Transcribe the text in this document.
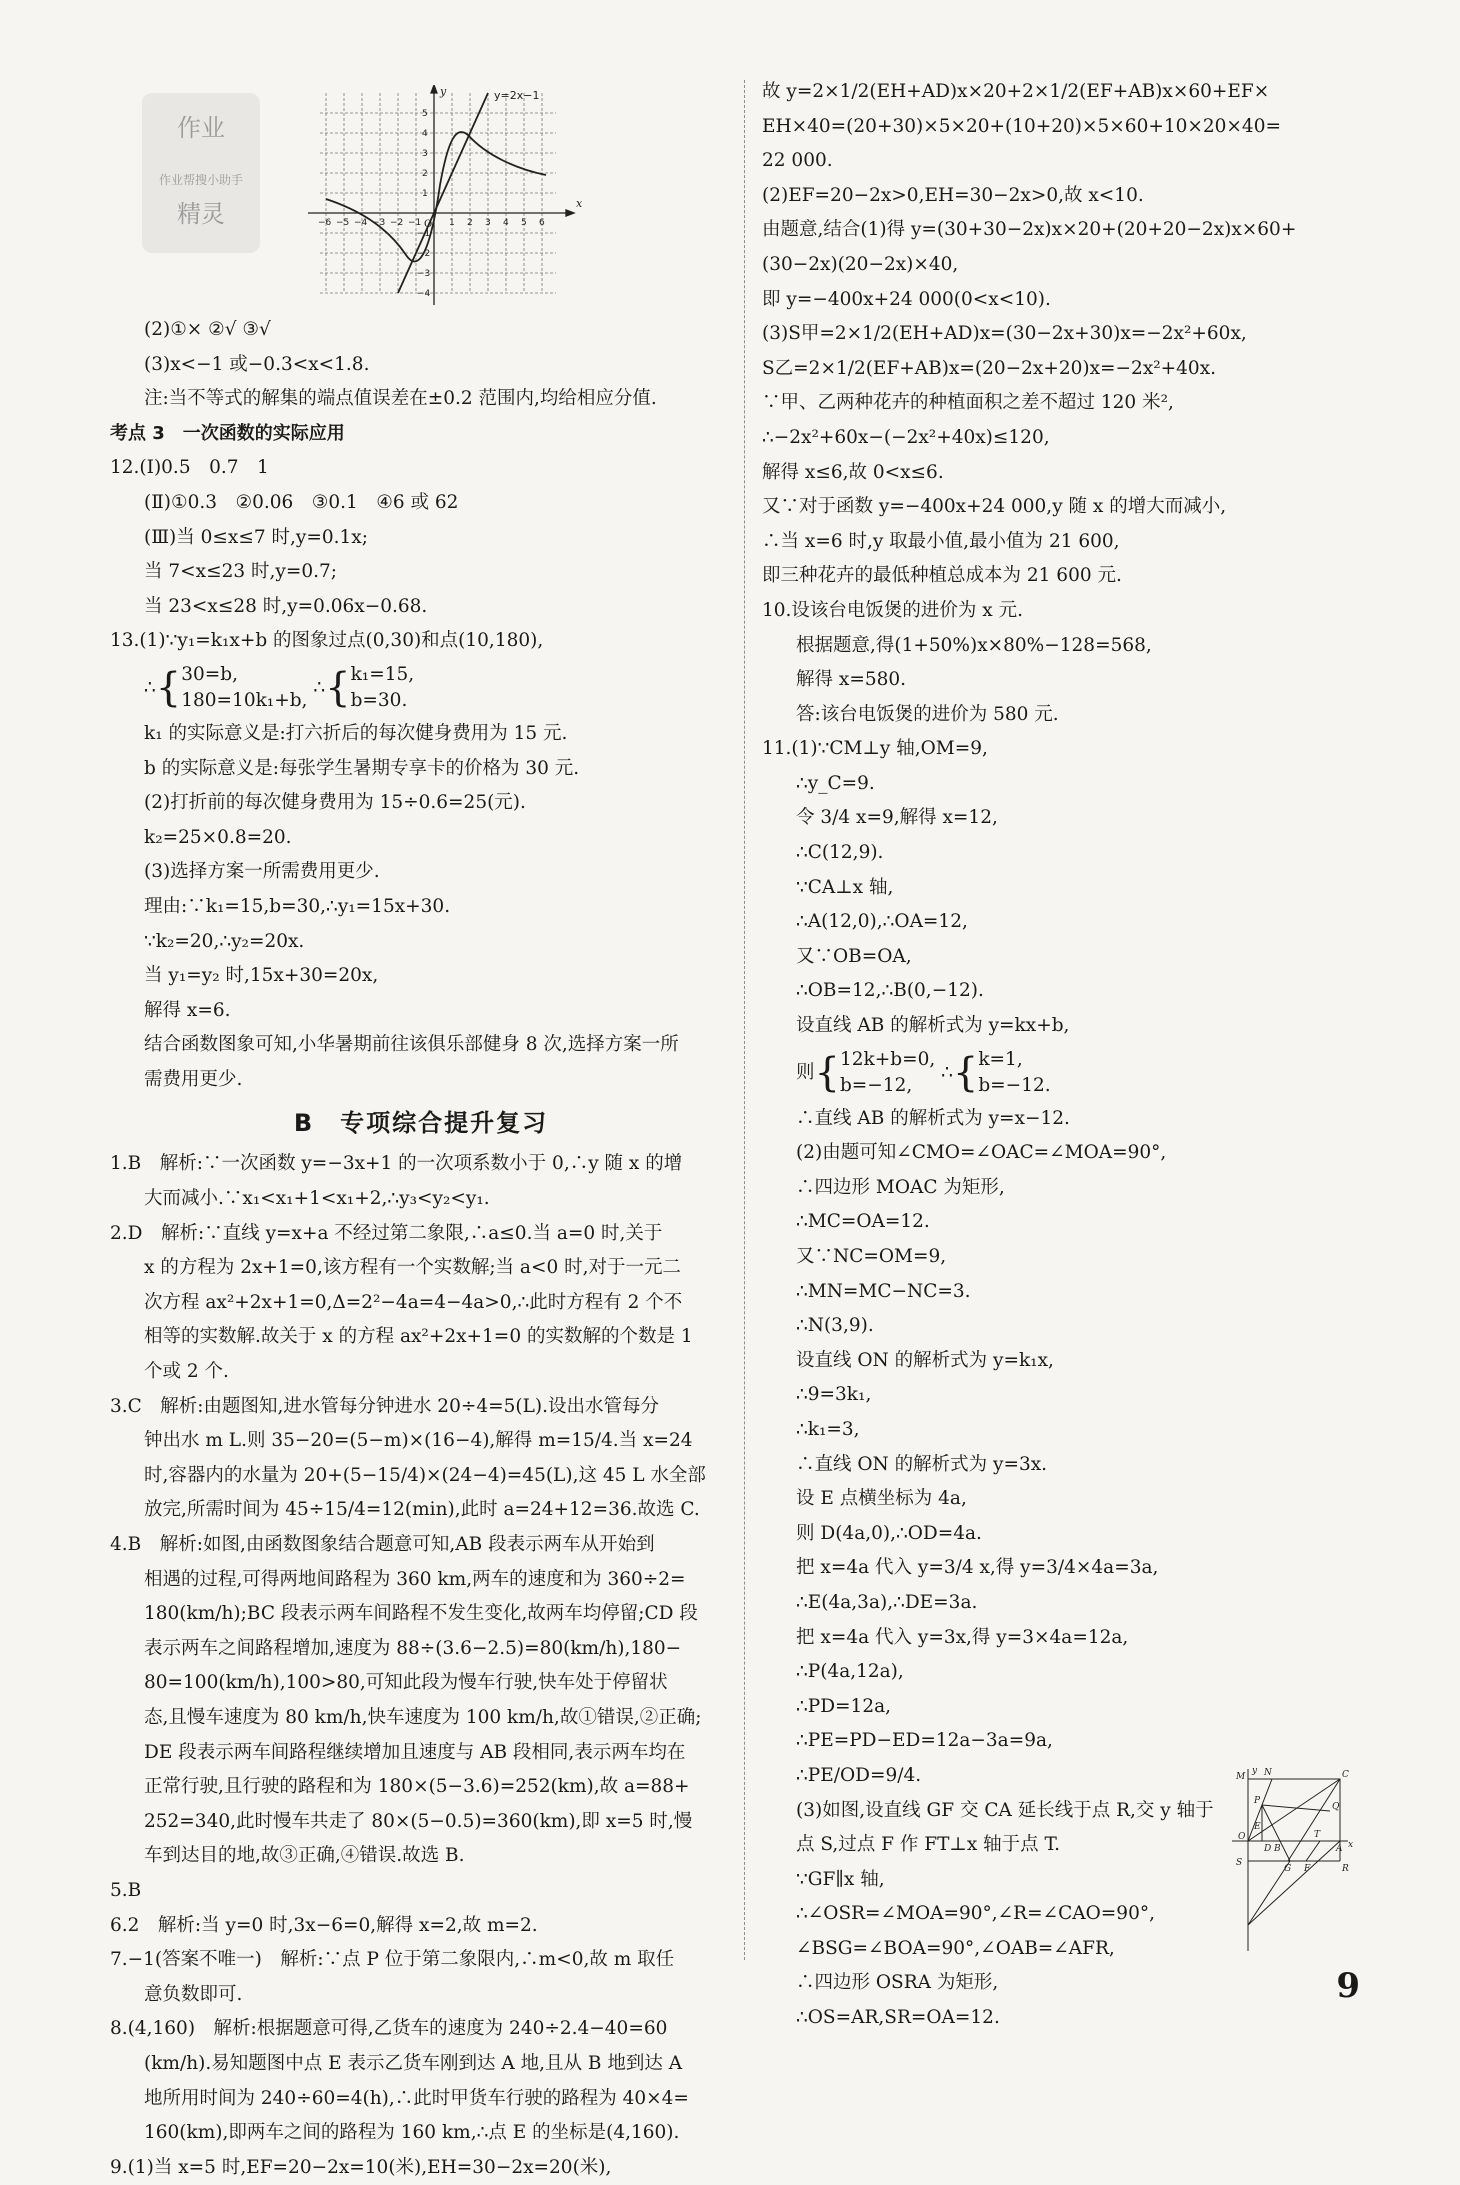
作业
作业帮搜小助手
精灵
y=2x−1
x
y
O
−6 −5 −4 −3 −2 −1	1 2 3 4 5 6
5
4
3
2
1
−1
−2
−3
−4
(2)①× ②√ ③√
(3)x<−1 或−0.3<x<1.8.
注:当不等式的解集的端点值误差在±0.2 范围内,均给相应分值.
考点 3　一次函数的实际应用
12.(Ⅰ)0.5　0.7　1
(Ⅱ)①0.3　②0.06　③0.1　④6 或 62
(Ⅲ)当 0≤x≤7 时,y=0.1x;
当 7<x≤23 时,y=0.7;
当 23<x≤28 时,y=0.06x−0.68.
13.(1)∵y₁=k₁x+b 的图象过点(0,30)和点(10,180),
∴{30=b,
180=10k₁+b, ∴{k₁=15,
b=30.
k₁ 的实际意义是:打六折后的每次健身费用为 15 元.
b 的实际意义是:每张学生暑期专享卡的价格为 30 元.
(2)打折前的每次健身费用为 15÷0.6=25(元).
k₂=25×0.8=20.
(3)选择方案一所需费用更少.
理由:∵k₁=15,b=30,∴y₁=15x+30.
∵k₂=20,∴y₂=20x.
当 y₁=y₂ 时,15x+30=20x,
解得 x=6.
结合函数图象可知,小华暑期前往该俱乐部健身 8 次,选择方案一所
需费用更少.
B　专项综合提升复习
1.B　解析:∵一次函数 y=−3x+1 的一次项系数小于 0,∴y 随 x 的增
大而减小.∵x₁<x₁+1<x₁+2,∴y₃<y₂<y₁.
2.D　解析:∵直线 y=x+a 不经过第二象限,∴a≤0.当 a=0 时,关于
x 的方程为 2x+1=0,该方程有一个实数解;当 a<0 时,对于一元二
次方程 ax²+2x+1=0,Δ=2²−4a=4−4a>0,∴此时方程有 2 个不
相等的实数解.故关于 x 的方程 ax²+2x+1=0 的实数解的个数是 1
个或 2 个.
3.C　解析:由题图知,进水管每分钟进水 20÷4=5(L).设出水管每分
钟出水 m L.则 35−20=(5−m)×(16−4),解得 m=15/4.当 x=24
时,容器内的水量为 20+(5−15/4)×(24−4)=45(L),这 45 L 水全部
放完,所需时间为 45÷15/4=12(min),此时 a=24+12=36.故选 C.
4.B　解析:如图,由函数图象结合题意可知,AB 段表示两车从开始到
相遇的过程,可得两地间路程为 360 km,两车的速度和为 360÷2=
180(km/h);BC 段表示两车间路程不发生变化,故两车均停留;CD 段
表示两车之间路程增加,速度为 88÷(3.6−2.5)=80(km/h),180−
80=100(km/h),100>80,可知此段为慢车行驶,快车处于停留状
态,且慢车速度为 80 km/h,快车速度为 100 km/h,故①错误,②正确;
DE 段表示两车间路程继续增加且速度与 AB 段相同,表示两车均在
正常行驶,且行驶的路程和为 180×(5−3.6)=252(km),故 a=88+
252=340,此时慢车共走了 80×(5−0.5)=360(km),即 x=5 时,慢
车到达目的地,故③正确,④错误.故选 B.
5.B
6.2　解析:当 y=0 时,3x−6=0,解得 x=2,故 m=2.
7.−1(答案不唯一)　解析:∵点 P 位于第二象限内,∴m<0,故 m 取任
意负数即可.
8.(4,160)　解析:根据题意可得,乙货车的速度为 240÷2.4−40=60
(km/h).易知题图中点 E 表示乙货车刚到达 A 地,且从 B 地到达 A
地所用时间为 240÷60=4(h),∴此时甲货车行驶的路程为 40×4=
160(km),即两车之间的路程为 160 km,∴点 E 的坐标是(4,160).
9.(1)当 x=5 时,EF=20−2x=10(米),EH=30−2x=20(米),
故 y=2×1/2(EH+AD)x×20+2×1/2(EF+AB)x×60+EF×
EH×40=(20+30)×5×20+(10+20)×5×60+10×20×40=
22 000.
(2)EF=20−2x>0,EH=30−2x>0,故 x<10.
由题意,结合(1)得 y=(30+30−2x)x×20+(20+20−2x)x×60+
(30−2x)(20−2x)×40,
即 y=−400x+24 000(0<x<10).
(3)S甲=2×1/2(EH+AD)x=(30−2x+30)x=−2x²+60x,
S乙=2×1/2(EF+AB)x=(20−2x+20)x=−2x²+40x.
∵甲、乙两种花卉的种植面积之差不超过 120 米²,
∴−2x²+60x−(−2x²+40x)≤120,
解得 x≤6,故 0<x≤6.
又∵对于函数 y=−400x+24 000,y 随 x 的增大而减小,
∴当 x=6 时,y 取最小值,最小值为 21 600,
即三种花卉的最低种植总成本为 21 600 元.
10.设该台电饭煲的进价为 x 元.
根据题意,得(1+50%)x×80%−128=568,
解得 x=580.
答:该台电饭煲的进价为 580 元.
11.(1)∵CM⊥y 轴,OM=9,
∴y_C=9.
令 3/4 x=9,解得 x=12,
∴C(12,9).
∵CA⊥x 轴,
∴A(12,0),∴OA=12,
又∵OB=OA,
∴OB=12,∴B(0,−12).
设直线 AB 的解析式为 y=kx+b,
则{12k+b=0,
b=−12, ∴{k=1,
b=−12.
∴直线 AB 的解析式为 y=x−12.
(2)由题可知∠CMO=∠OAC=∠MOA=90°,
∴四边形 MOAC 为矩形,
∴MC=OA=12.
又∵NC=OM=9,
∴MN=MC−NC=3.
∴N(3,9).
设直线 ON 的解析式为 y=k₁x,
∴9=3k₁,
∴k₁=3,
∴直线 ON 的解析式为 y=3x.
设 E 点横坐标为 4a,
则 D(4a,0),∴OD=4a.
把 x=4a 代入 y=3/4 x,得 y=3/4×4a=3a,
∴E(4a,3a),∴DE=3a.
把 x=4a 代入 y=3x,得 y=3×4a=12a,
∴P(4a,12a),
∴PD=12a,
∴PE=PD−ED=12a−3a=9a,
∴PE/OD=9/4.
(3)如图,设直线 GF 交 CA 延长线于点 R,交 y 轴于
点 S,过点 F 作 FT⊥x 轴于点 T.
∵GF∥x 轴,
∴∠OSR=∠MOA=90°,∠R=∠CAO=90°,
∠BSG=∠BOA=90°,∠OAB=∠AFR,
∴四边形 OSRA 为矩形,
∴OS=AR,SR=OA=12.
N	C
M
P
Q
O
E
D B
T
A x
S
G F	R
y
9
